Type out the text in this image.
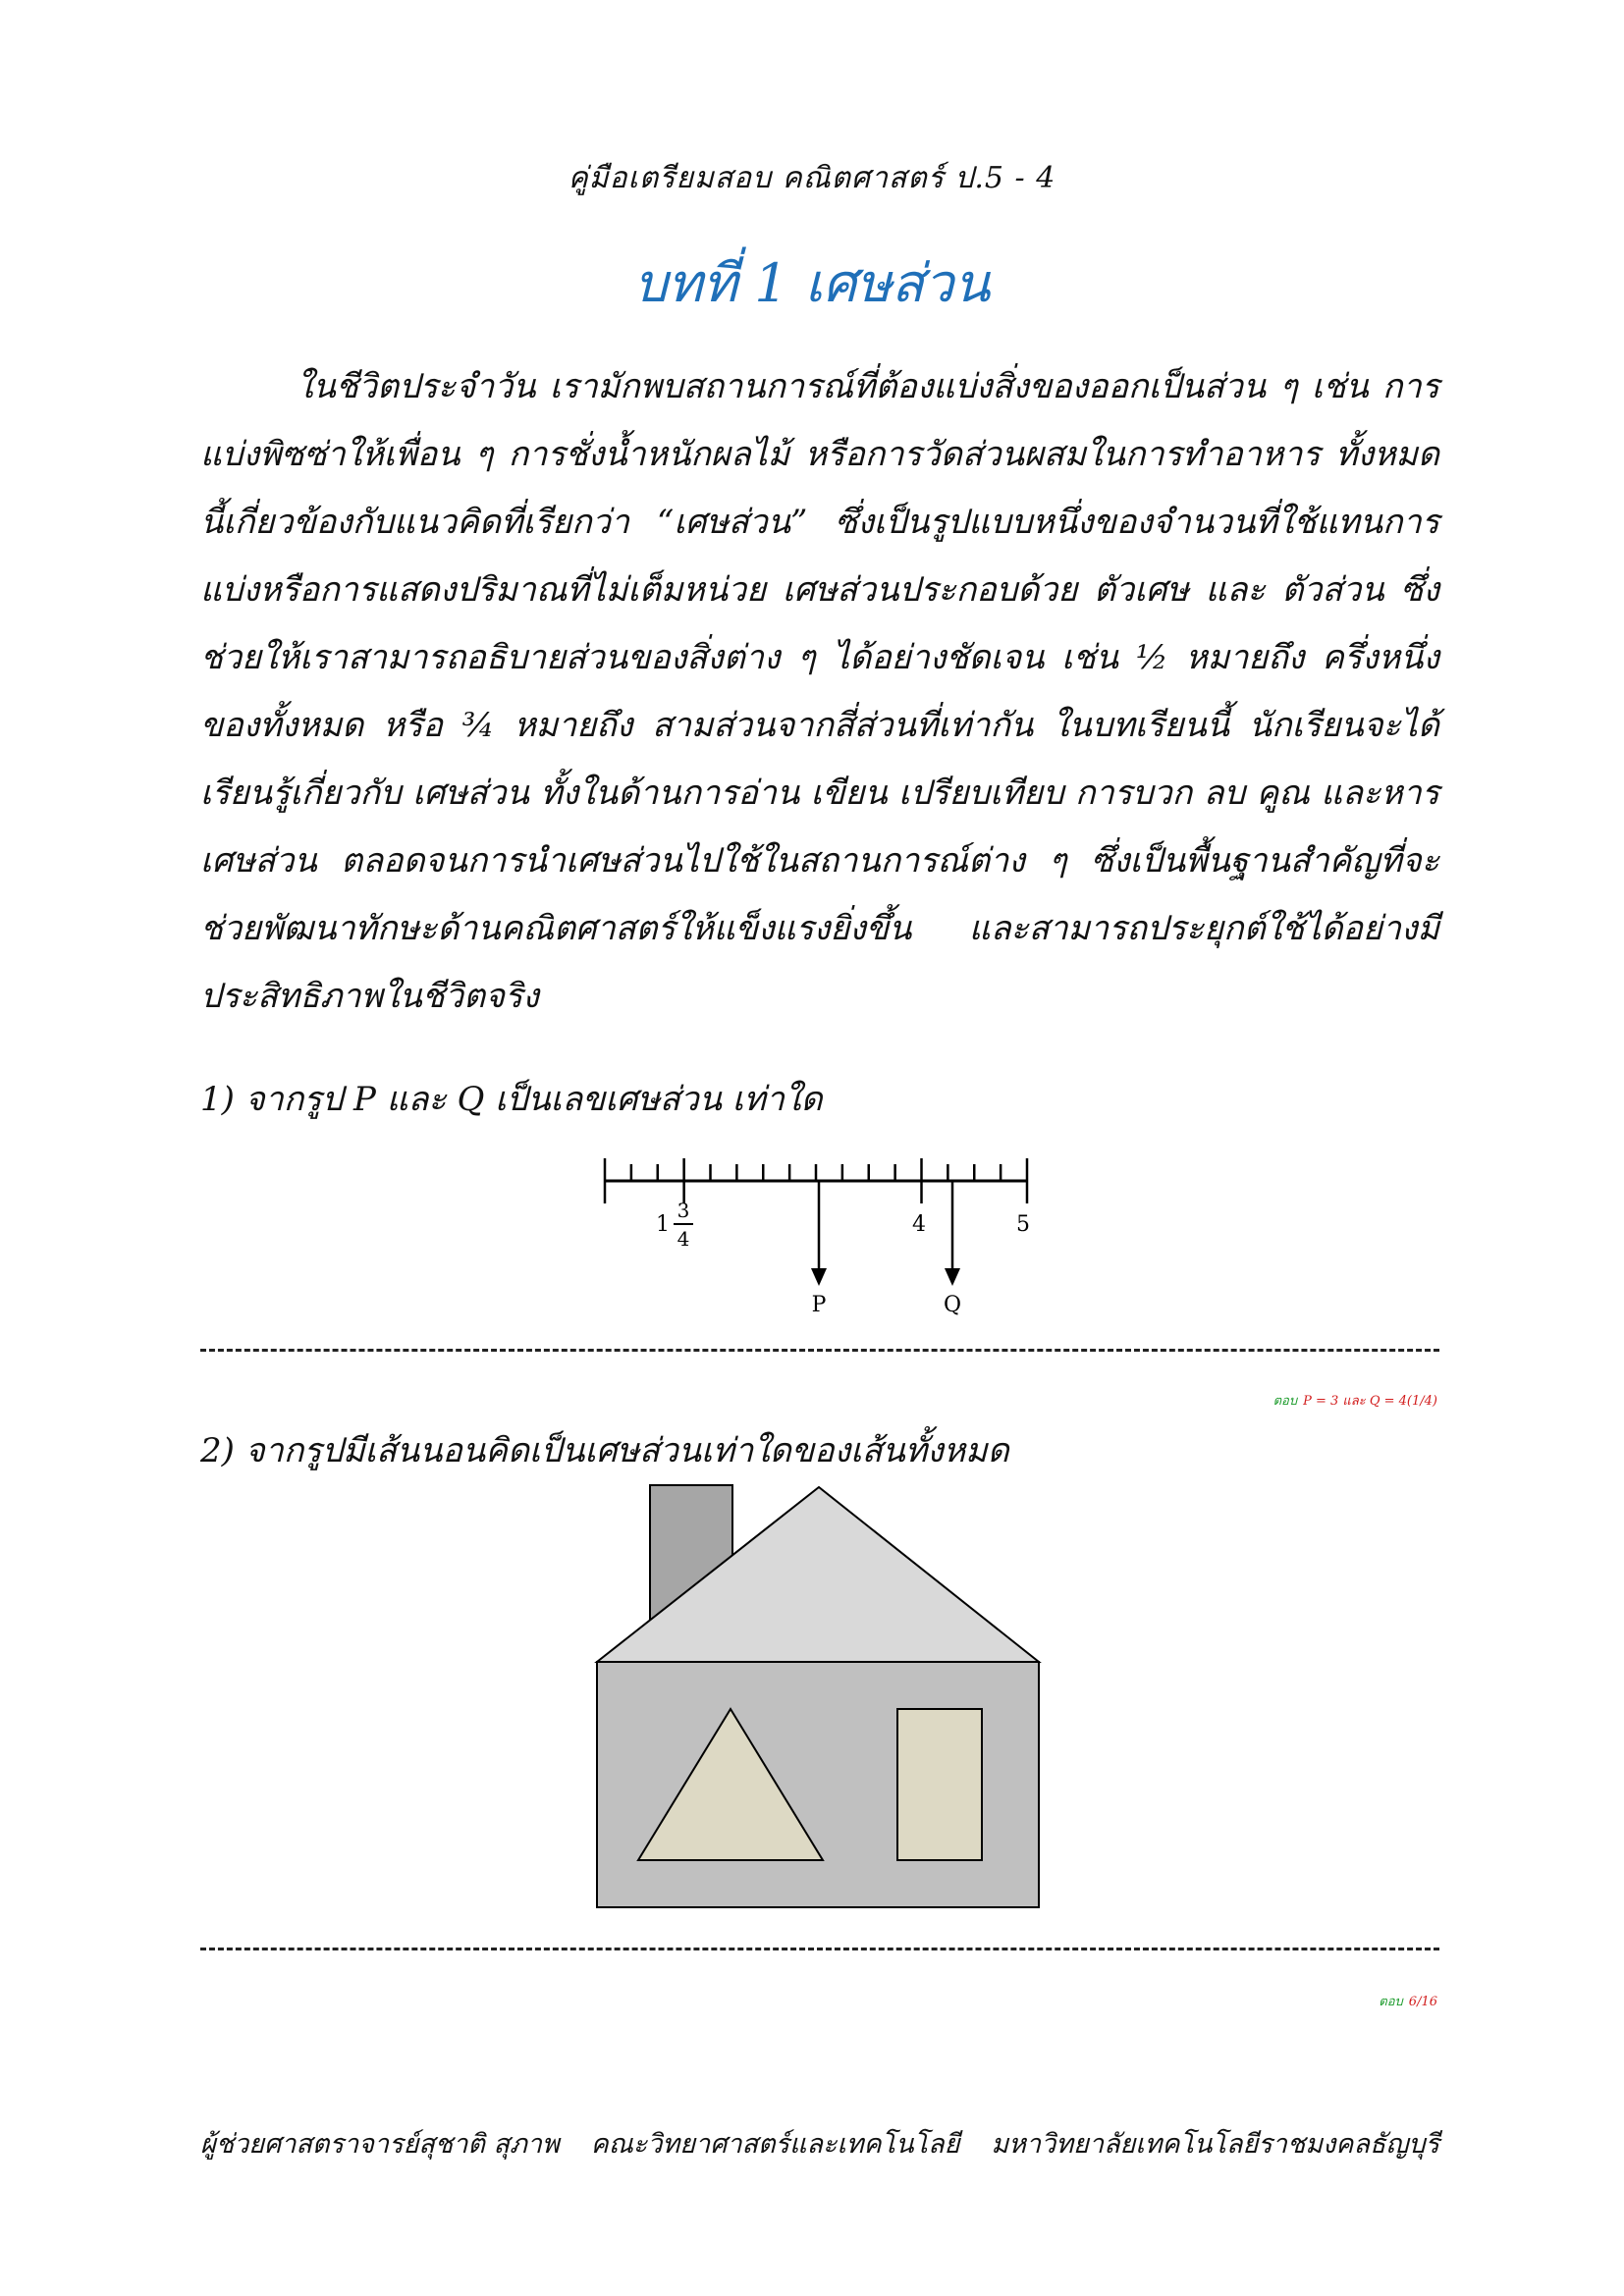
คู่มือเตรียมสอบ คณิตศาสตร์ ป.5 - 4
บทที่ 1 เศษส่วน

ในชีวิตประจำวัน เรามักพบสถานการณ์ที่ต้องแบ่งสิ่งของออกเป็นส่วน ๆ เช่น การแบ่งพิซซ่าให้เพื่อน ๆ การชั่งน้ำหนักผลไม้ หรือการวัดส่วนผสมในการทำอาหาร ทั้งหมดนี้เกี่ยวข้องกับแนวคิดที่เรียกว่า “เศษส่วน” ซึ่งเป็นรูปแบบหนึ่งของจำนวนที่ใช้แทนการแบ่งหรือการแสดงปริมาณที่ไม่เต็มหน่วย เศษส่วนประกอบด้วย ตัวเศษ และ ตัวส่วน ซึ่งช่วยให้เราสามารถอธิบายส่วนของสิ่งต่าง ๆ ได้อย่างชัดเจน เช่น ½ หมายถึง ครึ่งหนึ่งของทั้งหมด หรือ ¾ หมายถึง สามส่วนจากสี่ส่วนที่เท่ากัน ในบทเรียนนี้ นักเรียนจะได้เรียนรู้เกี่ยวกับ เศษส่วน ทั้งในด้านการอ่าน เขียน เปรียบเทียบ การบวก ลบ คูณ และหารเศษส่วน ตลอดจนการนำเศษส่วนไปใช้ในสถานการณ์ต่าง ๆ ซึ่งเป็นพื้นฐานสำคัญที่จะช่วยพัฒนาทักษะด้านคณิตศาสตร์ให้แข็งแรงยิ่งขึ้น และสามารถประยุกต์ใช้ได้อย่างมีประสิทธิภาพในชีวิตจริง

1) จากรูป P และ Q เป็นเลขเศษส่วน เท่าใด
1
3
4
4	5
P	Q
ตอบ P = 3 และ Q = 4(1/4)
2) จากรูปมีเส้นนอนคิดเป็นเศษส่วนเท่าใดของเส้นทั้งหมด
ตอบ 6/16
ผู้ช่วยศาสตราจารย์สุชาติ สุภาพ คณะวิทยาศาสตร์และเทคโนโลยี มหาวิทยาลัยเทคโนโลยีราชมงคลธัญบุรี
